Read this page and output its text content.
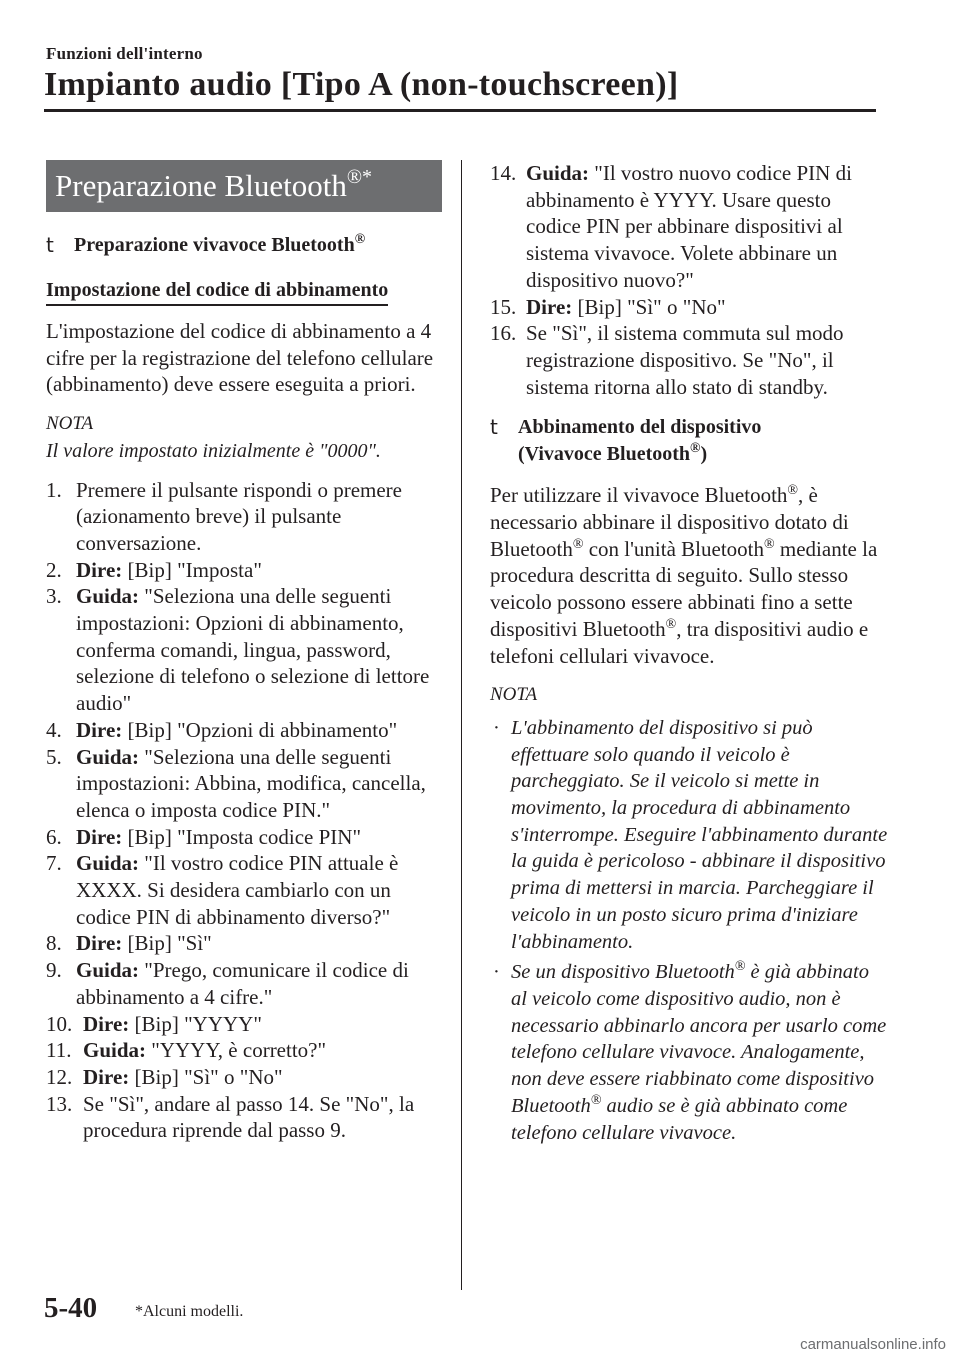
Funzioni dell'interno
Impianto audio [Tipo A (non-touchscreen)]
Preparazione Bluetooth®*
t	Preparazione vivavoce Bluetooth®
Impostazione del codice di abbinamento
L'impostazione del codice di abbinamento a 4 cifre per la registrazione del telefono cellulare (abbinamento) deve essere eseguita a priori.
NOTA
Il valore impostato inizialmente è "0000".
1. Premere il pulsante rispondi o premere (azionamento breve) il pulsante conversazione.
2. Dire: [Bip] "Imposta"
3. Guida: "Seleziona una delle seguenti impostazioni: Opzioni di abbinamento, conferma comandi, lingua, password, selezione di telefono o selezione di lettore audio"
4. Dire: [Bip] "Opzioni di abbinamento"
5. Guida: "Seleziona una delle seguenti impostazioni: Abbina, modifica, cancella, elenca o imposta codice PIN."
6. Dire: [Bip] "Imposta codice PIN"
7. Guida: "Il vostro codice PIN attuale è XXXX. Si desidera cambiarlo con un codice PIN di abbinamento diverso?"
8. Dire: [Bip] "Sì"
9. Guida: "Prego, comunicare il codice di abbinamento a 4 cifre."
10. Dire: [Bip] "YYYY"
11. Guida: "YYYY, è corretto?"
12. Dire: [Bip] "Sì" o "No"
13. Se "Sì", andare al passo 14. Se "No", la procedura riprende dal passo 9.
14. Guida: "Il vostro nuovo codice PIN di abbinamento è YYYY. Usare questo codice PIN per abbinare dispositivi al sistema vivavoce. Volete abbinare un dispositivo nuovo?"
15. Dire: [Bip] "Sì" o "No"
16. Se "Sì", il sistema commuta sul modo registrazione dispositivo. Se "No", il sistema ritorna allo stato di standby.
t	Abbinamento del dispositivo
(Vivavoce Bluetooth®)
Per utilizzare il vivavoce Bluetooth®, è necessario abbinare il dispositivo dotato di Bluetooth® con l'unità Bluetooth® mediante la procedura descritta di seguito. Sullo stesso veicolo possono essere abbinati fino a sette dispositivi Bluetooth®, tra dispositivi audio e telefoni cellulari vivavoce.
NOTA
· L'abbinamento del dispositivo si può effettuare solo quando il veicolo è parcheggiato. Se il veicolo si mette in movimento, la procedura di abbinamento s'interrompe. Eseguire l'abbinamento durante la guida è pericoloso - abbinare il dispositivo prima di mettersi in marcia. Parcheggiare il veicolo in un posto sicuro prima d'iniziare l'abbinamento.
· Se un dispositivo Bluetooth® è già abbinato al veicolo come dispositivo audio, non è necessario abbinarlo ancora per usarlo come telefono cellulare vivavoce. Analogamente, non deve essere riabbinato come dispositivo Bluetooth® audio se è già abbinato come telefono cellulare vivavoce.
5-40 *Alcuni modelli.
carmanualsonline.info
